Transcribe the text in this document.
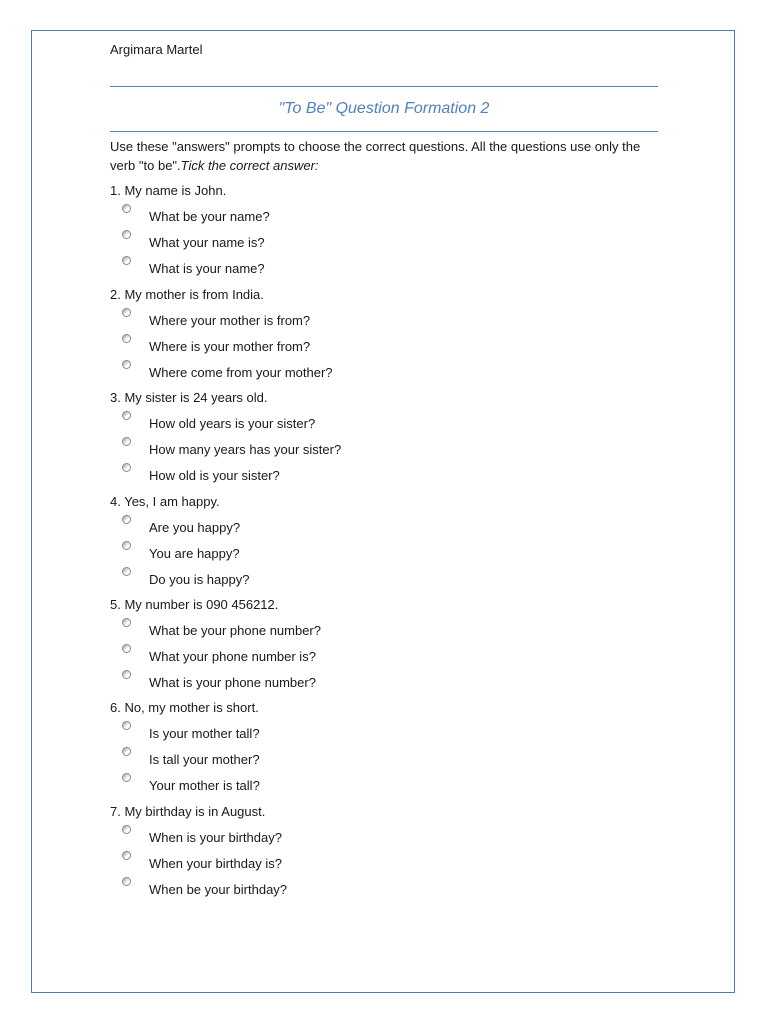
Argimara Martel
"To Be" Question Formation 2
Use these "answers" prompts to choose the correct questions. All the questions use only the verb "to be".Tick the correct answer:
1. My name is John.
What be your name?
What your name is?
What is your name?
2. My mother is from India.
Where your mother is from?
Where is your mother from?
Where come from your mother?
3. My sister is 24 years old.
How old years is your sister?
How many years has your sister?
How old is your sister?
4. Yes, I am happy.
Are you happy?
You are happy?
Do you is happy?
5. My number is 090 456212.
What be your phone number?
What your phone number is?
What is your phone number?
6. No, my mother is short.
Is your mother tall?
Is tall your mother?
Your mother is tall?
7. My birthday is in August.
When is your birthday?
When your birthday is?
When be your birthday?
